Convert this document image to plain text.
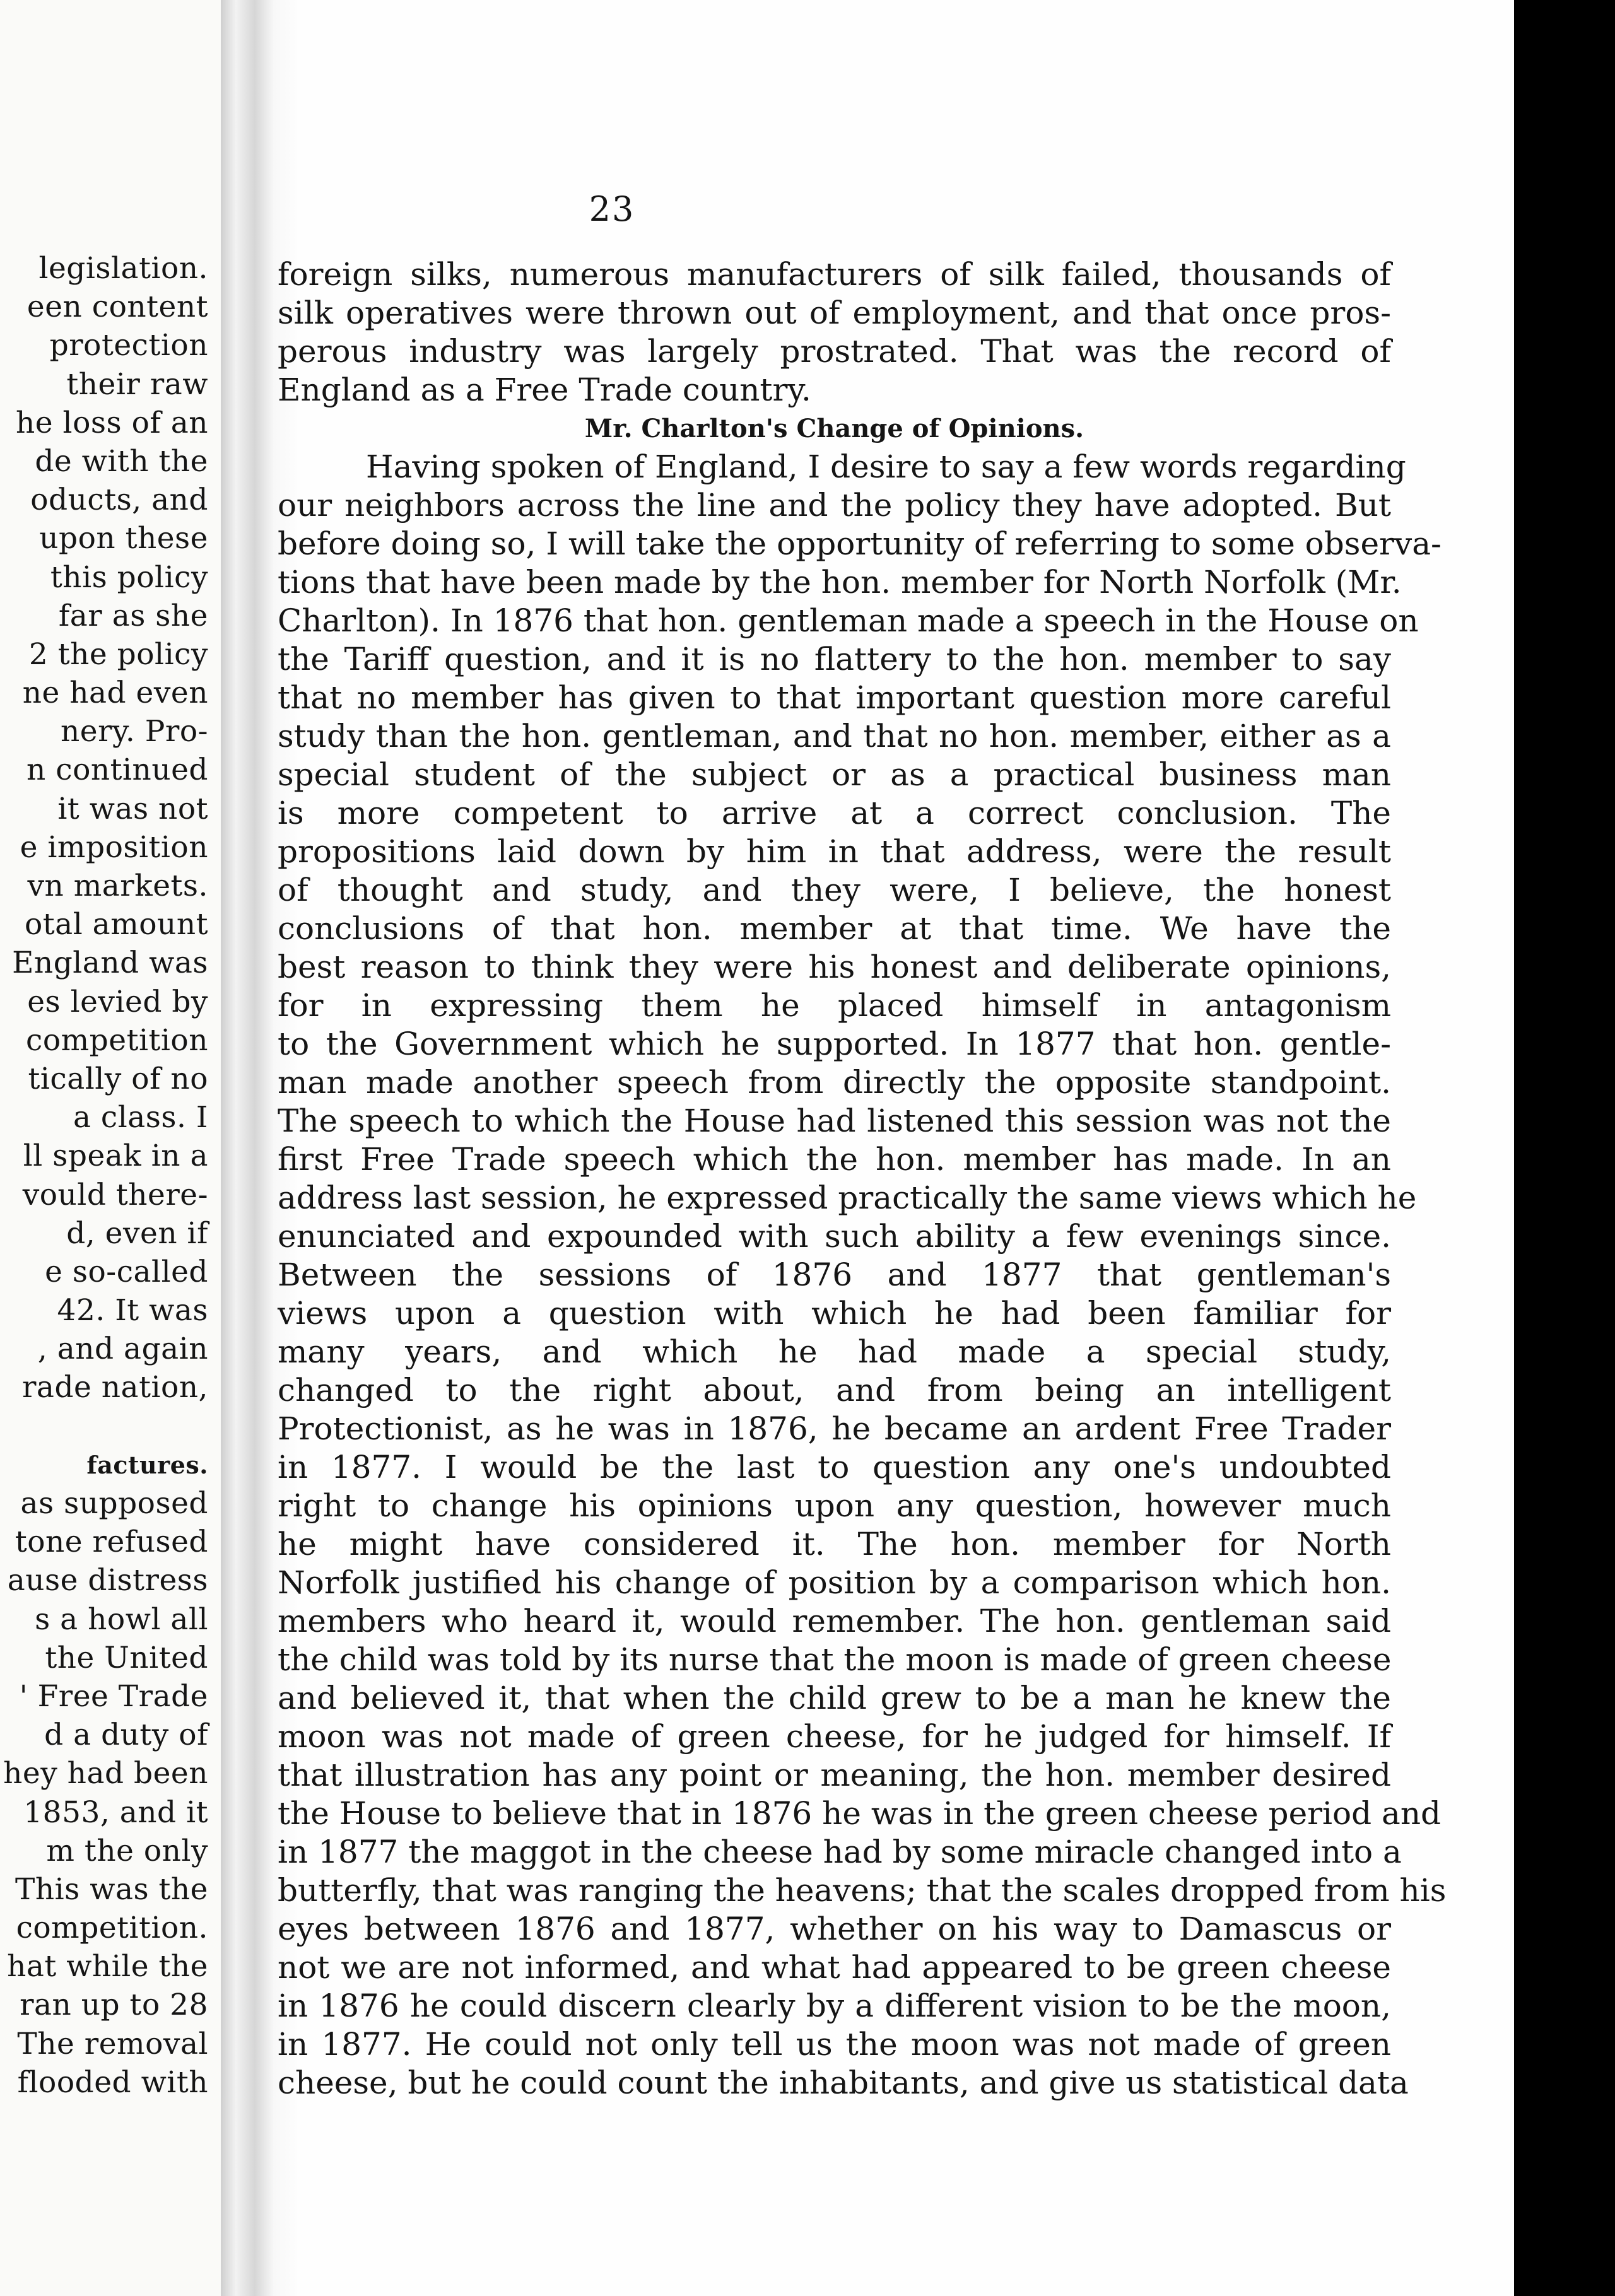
legislation.
een content
protection
their raw
he loss of an
de with the
oducts, and
upon these
this policy
far as she
2 the policy
ne had even
nery. Pro-
n continued
it was not
e imposition
vn markets.
otal amount
England was
es levied by
competition
tically of no
a class. I
ll speak in a
vould there-
d, even if
e so-called
42. It was
, and again
rade nation,
factures.
as supposed
tone refused
ause distress
s a howl all
the United
' Free Trade
d a duty of
hey had been
1853, and it
m the only
This was the
competition.
hat while the
ran up to 28
The removal
flooded with
23
foreign silks, numerous manufacturers of silk failed, thousands of
silk operatives were thrown out of employment, and that once pros-
perous industry was largely prostrated. That was the record of
England as a Free Trade country.
Mr. Charlton's Change of Opinions.
Having spoken of England, I desire to say a few words regarding
our neighbors across the line and the policy they have adopted. But
before doing so, I will take the opportunity of referring to some observa-
tions that have been made by the hon. member for North Norfolk (Mr.
Charlton). In 1876 that hon. gentleman made a speech in the House on
the Tariff question, and it is no flattery to the hon. member to say
that no member has given to that important question more careful
study than the hon. gentleman, and that no hon. member, either as a
special student of the subject or as a practical business man
is more competent to arrive at a correct conclusion. The
propositions laid down by him in that address, were the result
of thought and study, and they were, I believe, the honest
conclusions of that hon. member at that time. We have the
best reason to think they were his honest and deliberate opinions,
for in expressing them he placed himself in antagonism
to the Government which he supported. In 1877 that hon. gentle-
man made another speech from directly the opposite standpoint.
The speech to which the House had listened this session was not the
first Free Trade speech which the hon. member has made. In an
address last session, he expressed practically the same views which he
enunciated and expounded with such ability a few evenings since.
Between the sessions of 1876 and 1877 that gentleman's
views upon a question with which he had been familiar for
many years, and which he had made a special study,
changed to the right about, and from being an intelligent
Protectionist, as he was in 1876, he became an ardent Free Trader
in 1877. I would be the last to question any one's undoubted
right to change his opinions upon any question, however much
he might have considered it. The hon. member for North
Norfolk justified his change of position by a comparison which hon.
members who heard it, would remember. The hon. gentleman said
the child was told by its nurse that the moon is made of green cheese
and believed it, that when the child grew to be a man he knew the
moon was not made of green cheese, for he judged for himself. If
that illustration has any point or meaning, the hon. member desired
the House to believe that in 1876 he was in the green cheese period and
in 1877 the maggot in the cheese had by some miracle changed into a
butterfly, that was ranging the heavens; that the scales dropped from his
eyes between 1876 and 1877, whether on his way to Damascus or
not we are not informed, and what had appeared to be green cheese
in 1876 he could discern clearly by a different vision to be the moon,
in 1877. He could not only tell us the moon was not made of green
cheese, but he could count the inhabitants, and give us statistical data
